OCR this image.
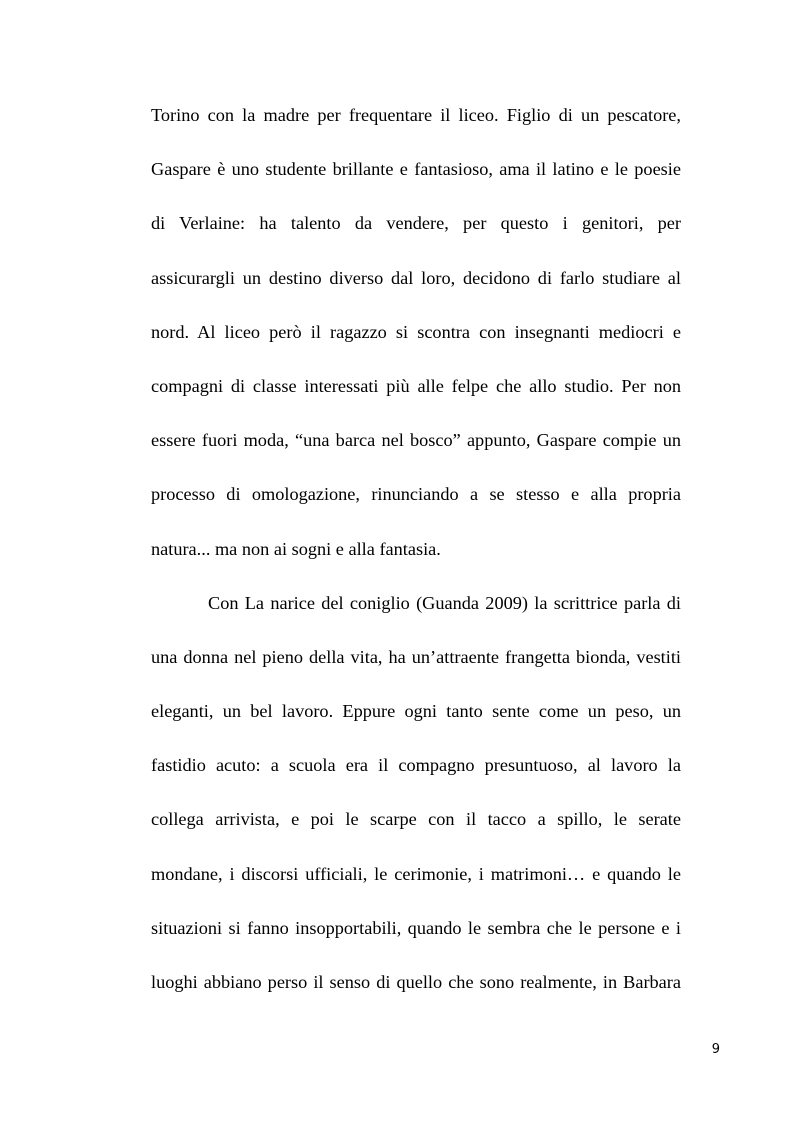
Torino con la madre per frequentare il liceo. Figlio di un pescatore,
Gaspare è uno studente brillante e fantasioso, ama il latino e le poesie
di Verlaine: ha talento da vendere, per questo i genitori, per
assicurargli un destino diverso dal loro, decidono di farlo studiare al
nord. Al liceo però il ragazzo si scontra con insegnanti mediocri e
compagni di classe interessati più alle felpe che allo studio. Per non
essere fuori moda, “una barca nel bosco” appunto, Gaspare compie un
processo di omologazione, rinunciando a se stesso e alla propria
natura... ma non ai sogni e alla fantasia.

Con La narice del coniglio (Guanda 2009) la scrittrice parla di
una donna nel pieno della vita, ha un’attraente frangetta bionda, vestiti
eleganti, un bel lavoro. Eppure ogni tanto sente come un peso, un
fastidio acuto: a scuola era il compagno presuntuoso, al lavoro la
collega arrivista, e poi le scarpe con il tacco a spillo, le serate
mondane, i discorsi ufficiali, le cerimonie, i matrimoni… e quando le
situazioni si fanno insopportabili, quando le sembra che le persone e i
luoghi abbiano perso il senso di quello che sono realmente, in Barbara

9
